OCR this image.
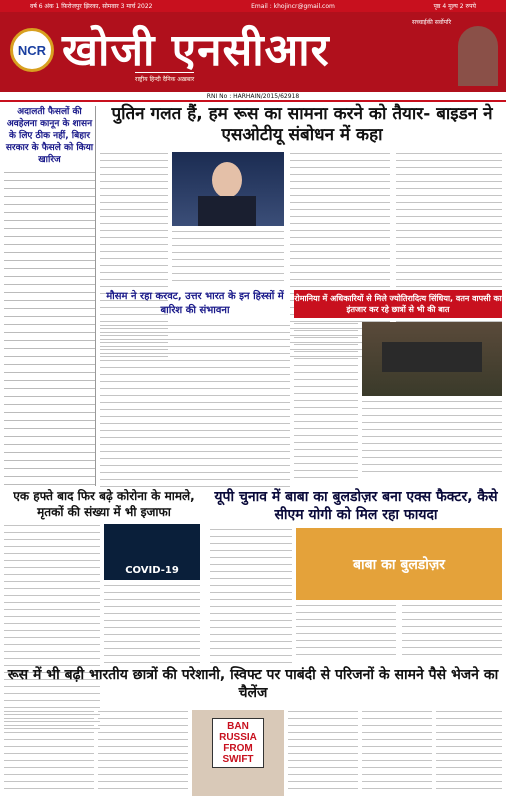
वर्ष 6 अंक 1 फ़िरोजपुर झिरका, सोमवार 3 मार्च 2022	Email : khojincr@gmail.com	पृष्ठ 4 मूल्य 2 रुपये
NCR खोजी एनसीआर
सच्चाईकी सर्वोपरि
राष्ट्रीय हिन्दी दैनिक अख़बार
RNI No : HARHAIN/2015/62918
अदालती फैसलों की अवहेलना कानून के शासन के लिए ठीक नहीं, बिहार सरकार के फैसले को किया खारिज
पुतिन गलत हैं, हम रूस का सामना करने को तैयार- बाइडन ने एसओटीयू संबोधन में कहा
मौसम ने रहा करवट, उत्तर भारत के इन हिस्सों में बारिश की संभावना
रोमानिया में अधिकारियों से मिले ज्योतिरादित्य सिंधिया, वतन वापसी का इंतजार कर रहे छात्रों से भी की बात
एक हफ्ते बाद फिर बढ़े कोरोना के मामले, मृतकों की संख्या में भी इजाफा
COVID-19
यूपी चुनाव में बाबा का बुलडोज़र बना एक्स फैक्टर, कैसे सीएम योगी को मिल रहा फायदा
बाबा का बुलडोज़र
रूस में भी बढ़ी भारतीय छात्रों की परेशानी, स्विफ्ट पर पाबंदी से परिजनों के सामने पैसे भेजने का चैलेंज
BAN RUSSIA FROM SWIFT
